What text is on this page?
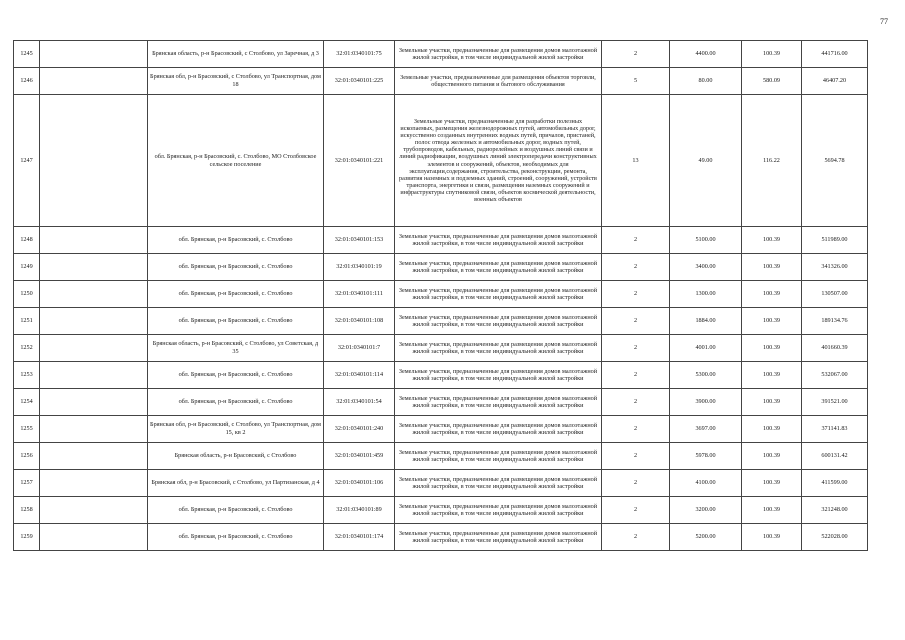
77
1245		Брянская область, р-н Брасовский, с Столбово, ул Заречная, д 3	32:01:0340101:75	Земельные участки, предназначенные для размещения домов малоэтажной жилой застройки, в том числе индивидуальной жилой застройки	2	4400.00	100.39	441716.00
1246		Брянская обл, р-н Брасовский, с Столбово, ул Транспортная, дом 18	32:01:0340101:225	Земельные участки, предназначенные для размещения объектов торговли, общественного питания и бытового обслуживания	5	80.00	580.09	46407.20
1247		обл. Брянская, р-н Брасовский, с. Столбово, МО Столбовское сельское поселение	32:01:0340101:221	Земельные участки, предназначенные для разработки полезных ископаемых, размещения железнодорожных путей, автомобильных дорог, искусственно созданных внутренних водных путей, причалов, пристаней, полос отвода железных и автомобильных дорог, водных путей, трубопроводов, кабельных, радиорелейных и воздушных линий связи и линий радиофикации, воздушных линий электропередачи конструктивных элементов и сооружений, объектов, необходимых для эксплуатации,содержания, строительства, реконструкции, ремонта, развития наземных и подземных зданий, строений, сооружений, устройств транспорта, энергетики и связи, размещения наземных сооружений и инфраструктуры спутниковой связи, объектов космической деятельности, военных объектов	13	49.00	116.22	5694.78
1248		обл. Брянская, р-н Брасовский, с. Столбово	32:01:0340101:153	Земельные участки, предназначенные для размещения домов малоэтажной жилой застройки, в том числе индивидуальной жилой застройки	2	5100.00	100.39	511989.00
1249		обл. Брянская, р-н Брасовский, с. Столбово	32:01:0340101:19	Земельные участки, предназначенные для размещения домов малоэтажной жилой застройки, в том числе индивидуальной жилой застройки	2	3400.00	100.39	341326.00
1250		обл. Брянская, р-н Брасовский, с. Столбово	32:01:0340101:111	Земельные участки, предназначенные для размещения домов малоэтажной жилой застройки, в том числе индивидуальной жилой застройки	2	1300.00	100.39	130507.00
1251		обл. Брянская, р-н Брасовский, с. Столбово	32:01:0340101:108	Земельные участки, предназначенные для размещения домов малоэтажной жилой застройки, в том числе индивидуальной жилой застройки	2	1884.00	100.39	189134.76
1252		Брянская область, р-н Брасовский, с Столбово, ул Советская, д 35	32:01:0340101:7	Земельные участки, предназначенные для размещения домов малоэтажной жилой застройки, в том числе индивидуальной жилой застройки	2	4001.00	100.39	401660.39
1253		обл. Брянская, р-н Брасовский, с. Столбово	32:01:0340101:114	Земельные участки, предназначенные для размещения домов малоэтажной жилой застройки, в том числе индивидуальной жилой застройки	2	5300.00	100.39	532067.00
1254		обл. Брянская, р-н Брасовский, с. Столбово	32:01:0340101:54	Земельные участки, предназначенные для размещения домов малоэтажной жилой застройки, в том числе индивидуальной жилой застройки	2	3900.00	100.39	391521.00
1255		Брянская обл, р-н Брасовский, с Столбово, ул Транспортная, дом 15, кв 2	32:01:0340101:240	Земельные участки, предназначенные для размещения домов малоэтажной жилой застройки, в том числе индивидуальной жилой застройки	2	3697.00	100.39	371141.83
1256		Брянская область, р-н Брасовский, с Столбово	32:01:0340101:459	Земельные участки, предназначенные для размещения домов малоэтажной жилой застройки, в том числе индивидуальной жилой застройки	2	5978.00	100.39	600131.42
1257		Брянская обл, р-н Брасовский, с Столбово, ул Партизанская, д 4	32:01:0340101:106	Земельные участки, предназначенные для размещения домов малоэтажной жилой застройки, в том числе индивидуальной жилой застройки	2	4100.00	100.39	411599.00
1258		обл. Брянская, р-н Брасовский, с. Столбово	32:01:0340101:89	Земельные участки, предназначенные для размещения домов малоэтажной жилой застройки, в том числе индивидуальной жилой застройки	2	3200.00	100.39	321248.00
1259		обл. Брянская, р-н Брасовский, с. Столбово	32:01:0340101:174	Земельные участки, предназначенные для размещения домов малоэтажной жилой застройки, в том числе индивидуальной жилой застройки	2	5200.00	100.39	522028.00
